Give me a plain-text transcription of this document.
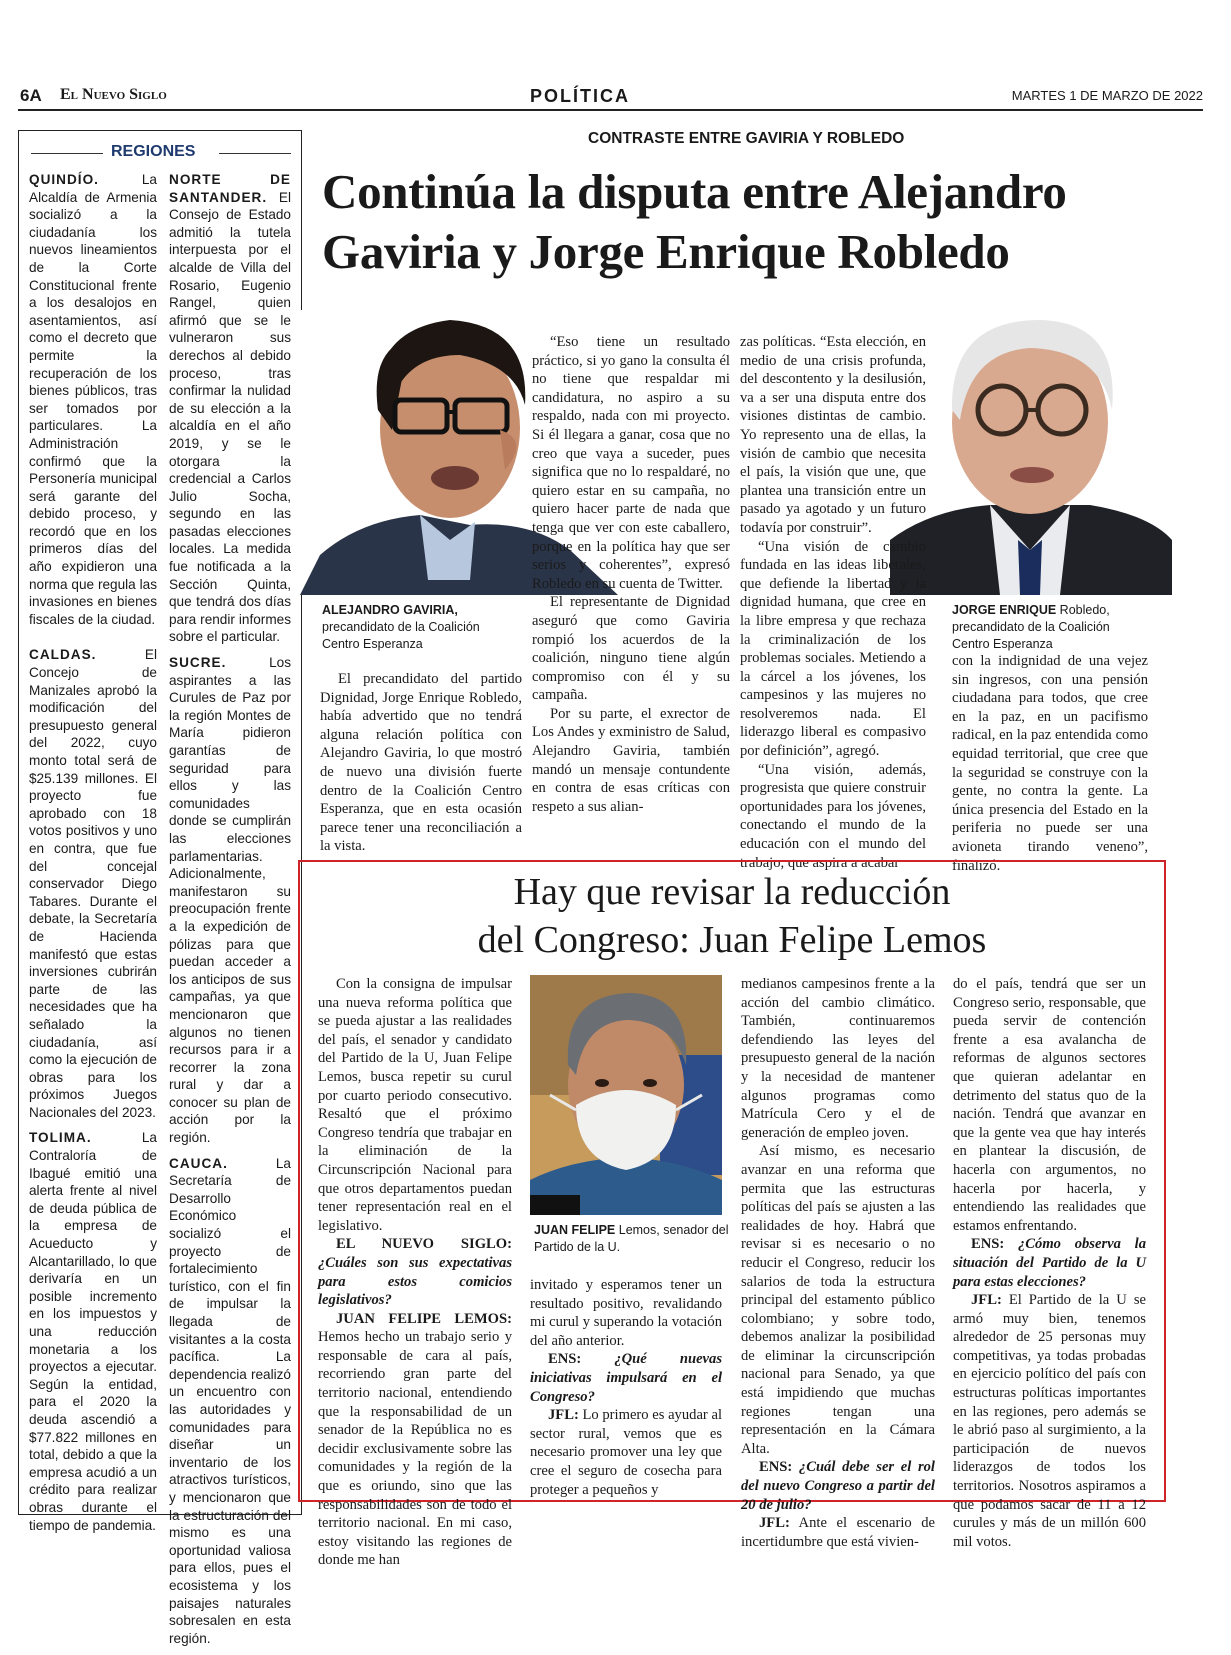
6A El Nuevo Siglo	POLÍTICA	MARTES 1 DE MARZO DE 2022
REGIONES

QUINDÍO.	La Alcaldía de Armenia socializó a la ciudadanía los nuevos lineamientos de la Corte Constitucional frente a los desalojos en asentamientos, así como el decreto que permite la recuperación de los bienes públicos, tras ser tomados por particulares. La Administración confirmó que la Personería municipal será garante del debido proceso, y recordó que en los primeros días del año expidieron una norma que regula las invasiones en bienes fiscales de la ciudad.

CALDAS.	El Concejo de Manizales aprobó la modificación del presupuesto general del 2022, cuyo monto total será de $25.139 millones. El proyecto fue aprobado con 18 votos positivos y uno en contra, que fue del concejal conservador Diego Tabares. Durante el debate, la Secretaría de Hacienda manifestó que estas inversiones cubrirán parte de las necesidades que ha señalado la ciudadanía, así como la ejecución de obras para los próximos Juegos Nacionales del 2023.

TOLIMA.	La Contraloría de Ibagué emitió una alerta frente al nivel de deuda pública de la empresa de Acueducto y Alcantarillado, lo que derivaría en un posible incremento en los impuestos y una reducción monetaria a los proyectos a ejecutar. Según la entidad, para el 2020 la deuda ascendió a $77.822 millones en total, debido a que la empresa acudió a un crédito para realizar obras durante el tiempo de pandemia.

NORTE DE SANTANDER. El Consejo de Estado admitió la tutela interpuesta por el alcalde de Villa del Rosario, Eugenio Rangel, quien afirmó que se le vulneraron sus derechos al debido proceso, tras confirmar la nulidad de su elección a la alcaldía en el año 2019, y se le otorgara la credencial a Carlos Julio Socha, segundo en las pasadas elecciones locales. La medida fue notificada a la Sección Quinta, que tendrá dos días para rendir informes sobre el particular.

SUCRE.	Los aspirantes a las Curules de Paz por la región Montes de María pidieron garantías de seguridad para ellos y las comunidades donde se cumplirán las elecciones parlamentarias. Adicionalmente, manifestaron su preocupación frente a la expedición de pólizas para que puedan acceder a los anticipos de sus campañas, ya que mencionaron que algunos no tienen recursos para ir a recorrer la zona rural y dar a conocer su plan de acción por la región.

CAUCA.	La Secretaría de Desarrollo Económico socializó el proyecto de fortalecimiento turístico, con el fin de impulsar la llegada de visitantes a la costa pacífica. La dependencia realizó un encuentro con las autoridades y comunidades para diseñar un inventario de los atractivos turísticos, y mencionaron que la estructuración del mismo es una oportunidad valiosa para ellos, pues el ecosistema y los paisajes naturales sobresalen en esta región.

CONTRASTE ENTRE GAVIRIA Y ROBLEDO
Continúa la disputa entre Alejandro
Gaviria y Jorge Enrique Robledo
ALEJANDRO GAVIRIA,
precandidato de la Coalición
Centro Esperanza
JORGE ENRIQUE Robledo,
precandidato de la Coalición
Centro Esperanza

El precandidato del partido Dignidad, Jorge Enrique Robledo, había advertido que no tendrá alguna relación política con Alejandro Gaviria, lo que mostró de nuevo una división fuerte dentro de la Coalición Centro Esperanza, que en esta ocasión parece tener una reconciliación a la vista.

“Eso tiene un resultado práctico, si yo gano la consulta él no tiene que respaldar mi candidatura, no aspiro a su respaldo, nada con mi proyecto. Si él llegara a ganar, cosa que no creo que vaya a suceder, pues significa que no lo respaldaré, no quiero estar en su campaña, no quiero hacer parte de nada que tenga que ver con este caballero, porque en la política hay que ser serios y coherentes”, expresó Robledo en su cuenta de Twitter.

El representante de Dignidad aseguró que como Gaviria rompió los acuerdos de la coalición, ninguno tiene algún compromiso con él y su campaña.

Por su parte, el exrector de Los Andes y exministro de Salud, Alejandro Gaviria, también mandó un mensaje contundente en contra de esas críticas con respeto a sus alian-

zas políticas. “Esta elección, en medio de una crisis profunda, del descontento y la desilusión, va a ser una disputa entre dos visiones distintas de cambio. Yo represento una de ellas, la visión de cambio que necesita el país, la visión que une, que plantea una transición entre un pasado ya agotado y un futuro todavía por construir”.

“Una visión de cambio fundada en las ideas liberales, que defiende la libertad y la dignidad humana, que cree en la libre empresa y que rechaza la criminalización de los problemas sociales. Metiendo a la cárcel a los jóvenes, los campesinos y las mujeres no resolveremos nada. El liderazgo liberal es compasivo por definición”, agregó.

“Una visión, además, progresista que quiere construir oportunidades para los jóvenes, conectando el mundo de la educación con el mundo del trabajo, que aspira a acabar

con la indignidad de una vejez sin ingresos, con una pensión ciudadana para todos, que cree en la paz, en un pacifismo radical, en la paz entendida como equidad territorial, que cree que la seguridad se construye con la gente, no contra la gente. La única presencia del Estado en la periferia no puede ser una avioneta tirando veneno”, finalizó.

Hay que revisar la reducción
del Congreso: Juan Felipe Lemos
JUAN FELIPE Lemos, senador del
Partido de la U.

Con la consigna de impulsar una nueva reforma política que se pueda ajustar a las realidades del país, el senador y candidato del Partido de la U, Juan Felipe Lemos, busca repetir su curul por cuarto periodo consecutivo. Resaltó que el próximo Congreso tendría que trabajar en la eliminación de la Circunscripción Nacional para que otros departamentos puedan tener representación real en el legislativo.

EL NUEVO SIGLO: ¿Cuáles son sus expectativas para estos comicios legislativos?

JUAN FELIPE LEMOS: Hemos hecho un trabajo serio y responsable de cara al país, recorriendo gran parte del territorio nacional, entendiendo que la responsabilidad de un senador de la República no es decidir exclusivamente sobre las comunidades y la región de la que es oriundo, sino que las responsabilidades son de todo el territorio nacional. En mi caso, estoy visitando las regiones de donde me han

invitado y esperamos tener un resultado positivo, revalidando mi curul y superando la votación del año anterior.

ENS: ¿Qué nuevas iniciativas impulsará en el Congreso?

JFL: Lo primero es ayudar al sector rural, vemos que es necesario promover una ley que cree el seguro de cosecha para proteger a pequeños y

medianos campesinos frente a la acción del cambio climático. También, continuaremos defendiendo las leyes del presupuesto general de la nación y la necesidad de mantener algunos programas como Matrícula Cero y el de generación de empleo joven.

Así mismo, es necesario avanzar en una reforma que permita que las estructuras políticas del país se ajusten a las realidades de hoy. Habrá que revisar si es necesario o no reducir el Congreso, reducir los salarios de toda la estructura principal del estamento público colombiano; y sobre todo, debemos analizar la posibilidad de eliminar la circunscripción nacional para Senado, ya que está impidiendo que muchas regiones tengan una representación en la Cámara Alta.

ENS: ¿Cuál debe ser el rol del nuevo Congreso a partir del 20 de julio?

JFL: Ante el escenario de incertidumbre que está vivien-

do el país, tendrá que ser un Congreso serio, responsable, que pueda servir de contención frente a esa avalancha de reformas de algunos sectores que quieran adelantar en detrimento del status quo de la nación. Tendrá que avanzar en que la gente vea que hay interés en plantear la discusión, de hacerla con argumentos, no hacerla por hacerla, y entendiendo las realidades que estamos enfrentando.

ENS: ¿Cómo observa la situación del Partido de la U para estas elecciones?

JFL: El Partido de la U se armó muy bien, tenemos alrededor de 25 personas muy competitivas, ya todas probadas en ejercicio político del país con estructuras políticas importantes en las regiones, pero además se le abrió paso al surgimiento, a la participación de nuevos liderazgos de todos los territorios. Nosotros aspiramos a que podamos sacar de 11 a 12 curules y más de un millón 600 mil votos.
